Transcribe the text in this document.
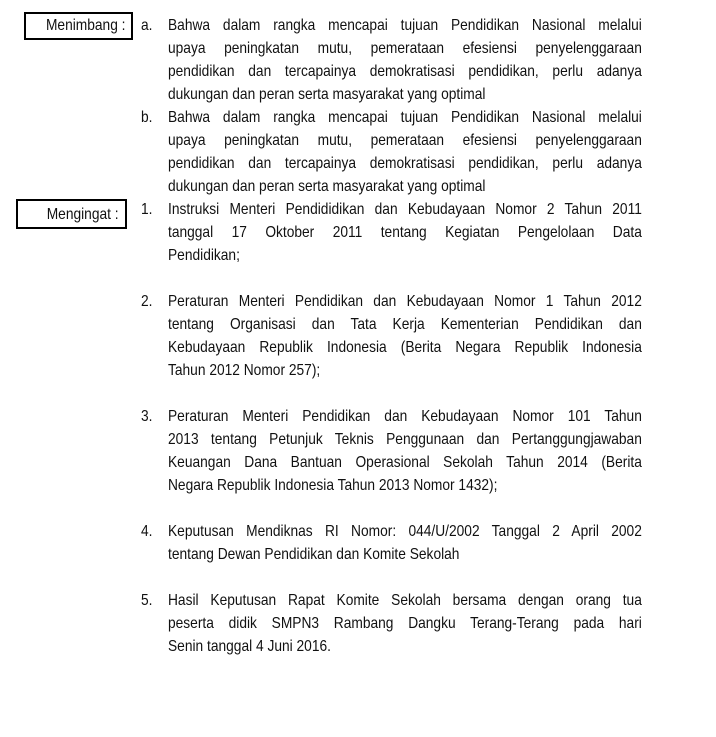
Menimbang :
Mengingat :
a. Bahwa dalam rangka mencapai tujuan Pendidikan Nasional melalui
upaya peningkatan mutu, pemerataan efesiensi penyelenggaraan
pendidikan dan tercapainya demokratisasi pendidikan, perlu adanya
dukungan dan peran serta masyarakat yang optimal
b. Bahwa dalam rangka mencapai tujuan Pendidikan Nasional melalui
upaya peningkatan mutu, pemerataan efesiensi penyelenggaraan
pendidikan dan tercapainya demokratisasi pendidikan, perlu adanya
dukungan dan peran serta masyarakat yang optimal
1. Instruksi Menteri Pendididikan dan Kebudayaan Nomor 2 Tahun 2011
tanggal 17 Oktober 2011 tentang Kegiatan Pengelolaan Data
Pendidikan;
2. Peraturan Menteri Pendidikan dan Kebudayaan Nomor 1 Tahun 2012
tentang Organisasi dan Tata Kerja Kementerian Pendidikan dan
Kebudayaan Republik Indonesia (Berita Negara Republik Indonesia
Tahun 2012 Nomor 257);
3. Peraturan Menteri Pendidikan dan Kebudayaan Nomor 101 Tahun
2013 tentang Petunjuk Teknis Penggunaan dan Pertanggungjawaban
Keuangan Dana Bantuan Operasional Sekolah Tahun 2014 (Berita
Negara Republik Indonesia Tahun 2013 Nomor 1432);
4. Keputusan Mendiknas RI Nomor: 044/U/2002 Tanggal 2 April 2002
tentang Dewan Pendidikan dan Komite Sekolah
5. Hasil Keputusan Rapat Komite Sekolah bersama dengan orang tua
peserta didik SMPN3 Rambang Dangku Terang-Terang pada hari
Senin tanggal 4 Juni 2016.
